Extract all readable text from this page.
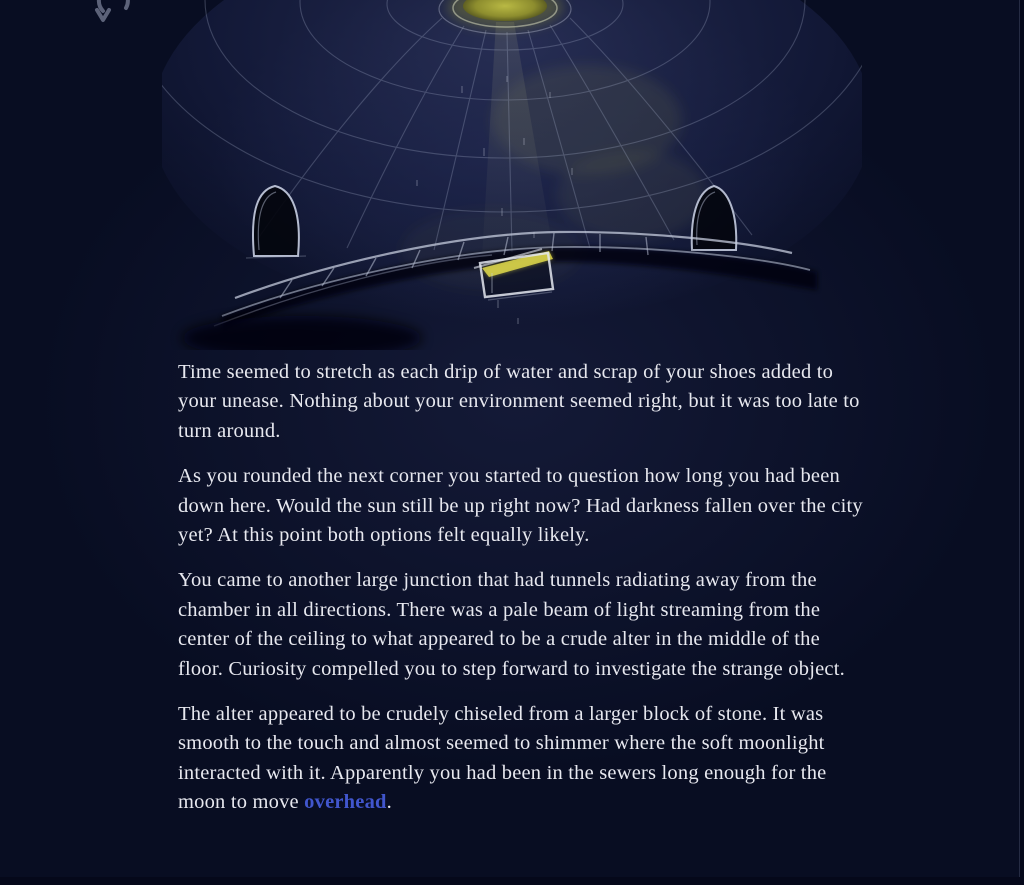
Time seemed to stretch as each drip of water and scrap of your shoes added to your unease. Nothing about your environment seemed right, but it was too late to turn around.

As you rounded the next corner you started to question how long you had been down here. Would the sun still be up right now? Had darkness fallen over the city yet? At this point both options felt equally likely.

You came to another large junction that had tunnels radiating away from the chamber in all directions. There was a pale beam of light streaming from the center of the ceiling to what appeared to be a crude alter in the middle of the floor. Curiosity compelled you to step forward to investigate the strange object.

The alter appeared to be crudely chiseled from a larger block of stone. It was smooth to the touch and almost seemed to shimmer where the soft moonlight interacted with it. Apparently you had been in the sewers long enough for the moon to move overhead.
